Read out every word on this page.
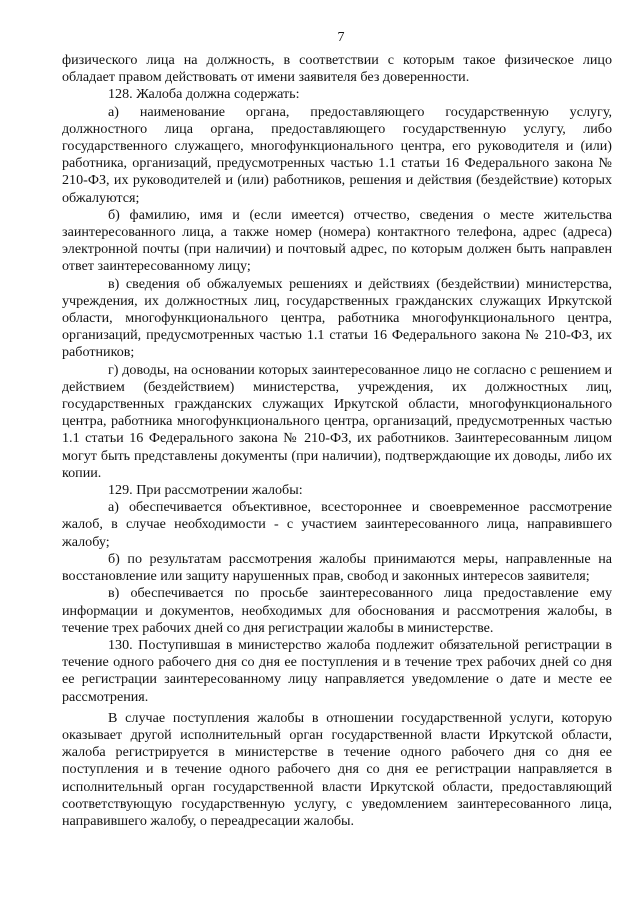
7

физического лица на должность, в соответствии с которым такое физическое лицо обладает правом действовать от имени заявителя без доверенности.

128. Жалоба должна содержать:

а) наименование органа, предоставляющего государственную услугу, должностного лица органа, предоставляющего государственную услугу, либо государственного служащего, многофункционального центра, его руководителя и (или) работника, организаций, предусмотренных частью 1.1 статьи 16 Федерального закона № 210-ФЗ, их руководителей и (или) работников, решения и действия (бездействие) которых обжалуются;

б) фамилию, имя и (если имеется) отчество, сведения о месте жительства заинтересованного лица, а также номер (номера) контактного телефона, адрес (адреса) электронной почты (при наличии) и почтовый адрес, по которым должен быть направлен ответ заинтересованному лицу;

в) сведения об обжалуемых решениях и действиях (бездействии) министерства, учреждения, их должностных лиц, государственных гражданских служащих Иркутской области, многофункционального центра, работника многофункционального центра, организаций, предусмотренных частью 1.1 статьи 16 Федерального закона № 210-ФЗ, их работников;

г) доводы, на основании которых заинтересованное лицо не согласно с решением и действием (бездействием) министерства, учреждения, их должностных лиц, государственных гражданских служащих Иркутской области, многофункционального центра, работника многофункционального центра, организаций, предусмотренных частью 1.1 статьи 16 Федерального закона № 210-ФЗ, их работников. Заинтересованным лицом могут быть представлены документы (при наличии), подтверждающие их доводы, либо их копии.

129. При рассмотрении жалобы:

а) обеспечивается объективное, всестороннее и своевременное рассмотрение жалоб, в случае необходимости - с участием заинтересованного лица, направившего жалобу;

б) по результатам рассмотрения жалобы принимаются меры, направленные на восстановление или защиту нарушенных прав, свобод и законных интересов заявителя;

в) обеспечивается по просьбе заинтересованного лица предоставление ему информации и документов, необходимых для обоснования и рассмотрения жалобы, в течение трех рабочих дней со дня регистрации жалобы в министерстве.

130. Поступившая в министерство жалоба подлежит обязательной регистрации в течение одного рабочего дня со дня ее поступления и в течение трех рабочих дней со дня ее регистрации заинтересованному лицу направляется уведомление о дате и месте ее рассмотрения.

В случае поступления жалобы в отношении государственной услуги, которую оказывает другой исполнительный орган государственной власти Иркутской области, жалоба регистрируется в министерстве в течение одного рабочего дня со дня ее поступления и в течение одного рабочего дня со дня ее регистрации направляется в исполнительный орган государственной власти Иркутской области, предоставляющий соответствующую государственную услугу, с уведомлением заинтересованного лица, направившего жалобу, о переадресации жалобы.
